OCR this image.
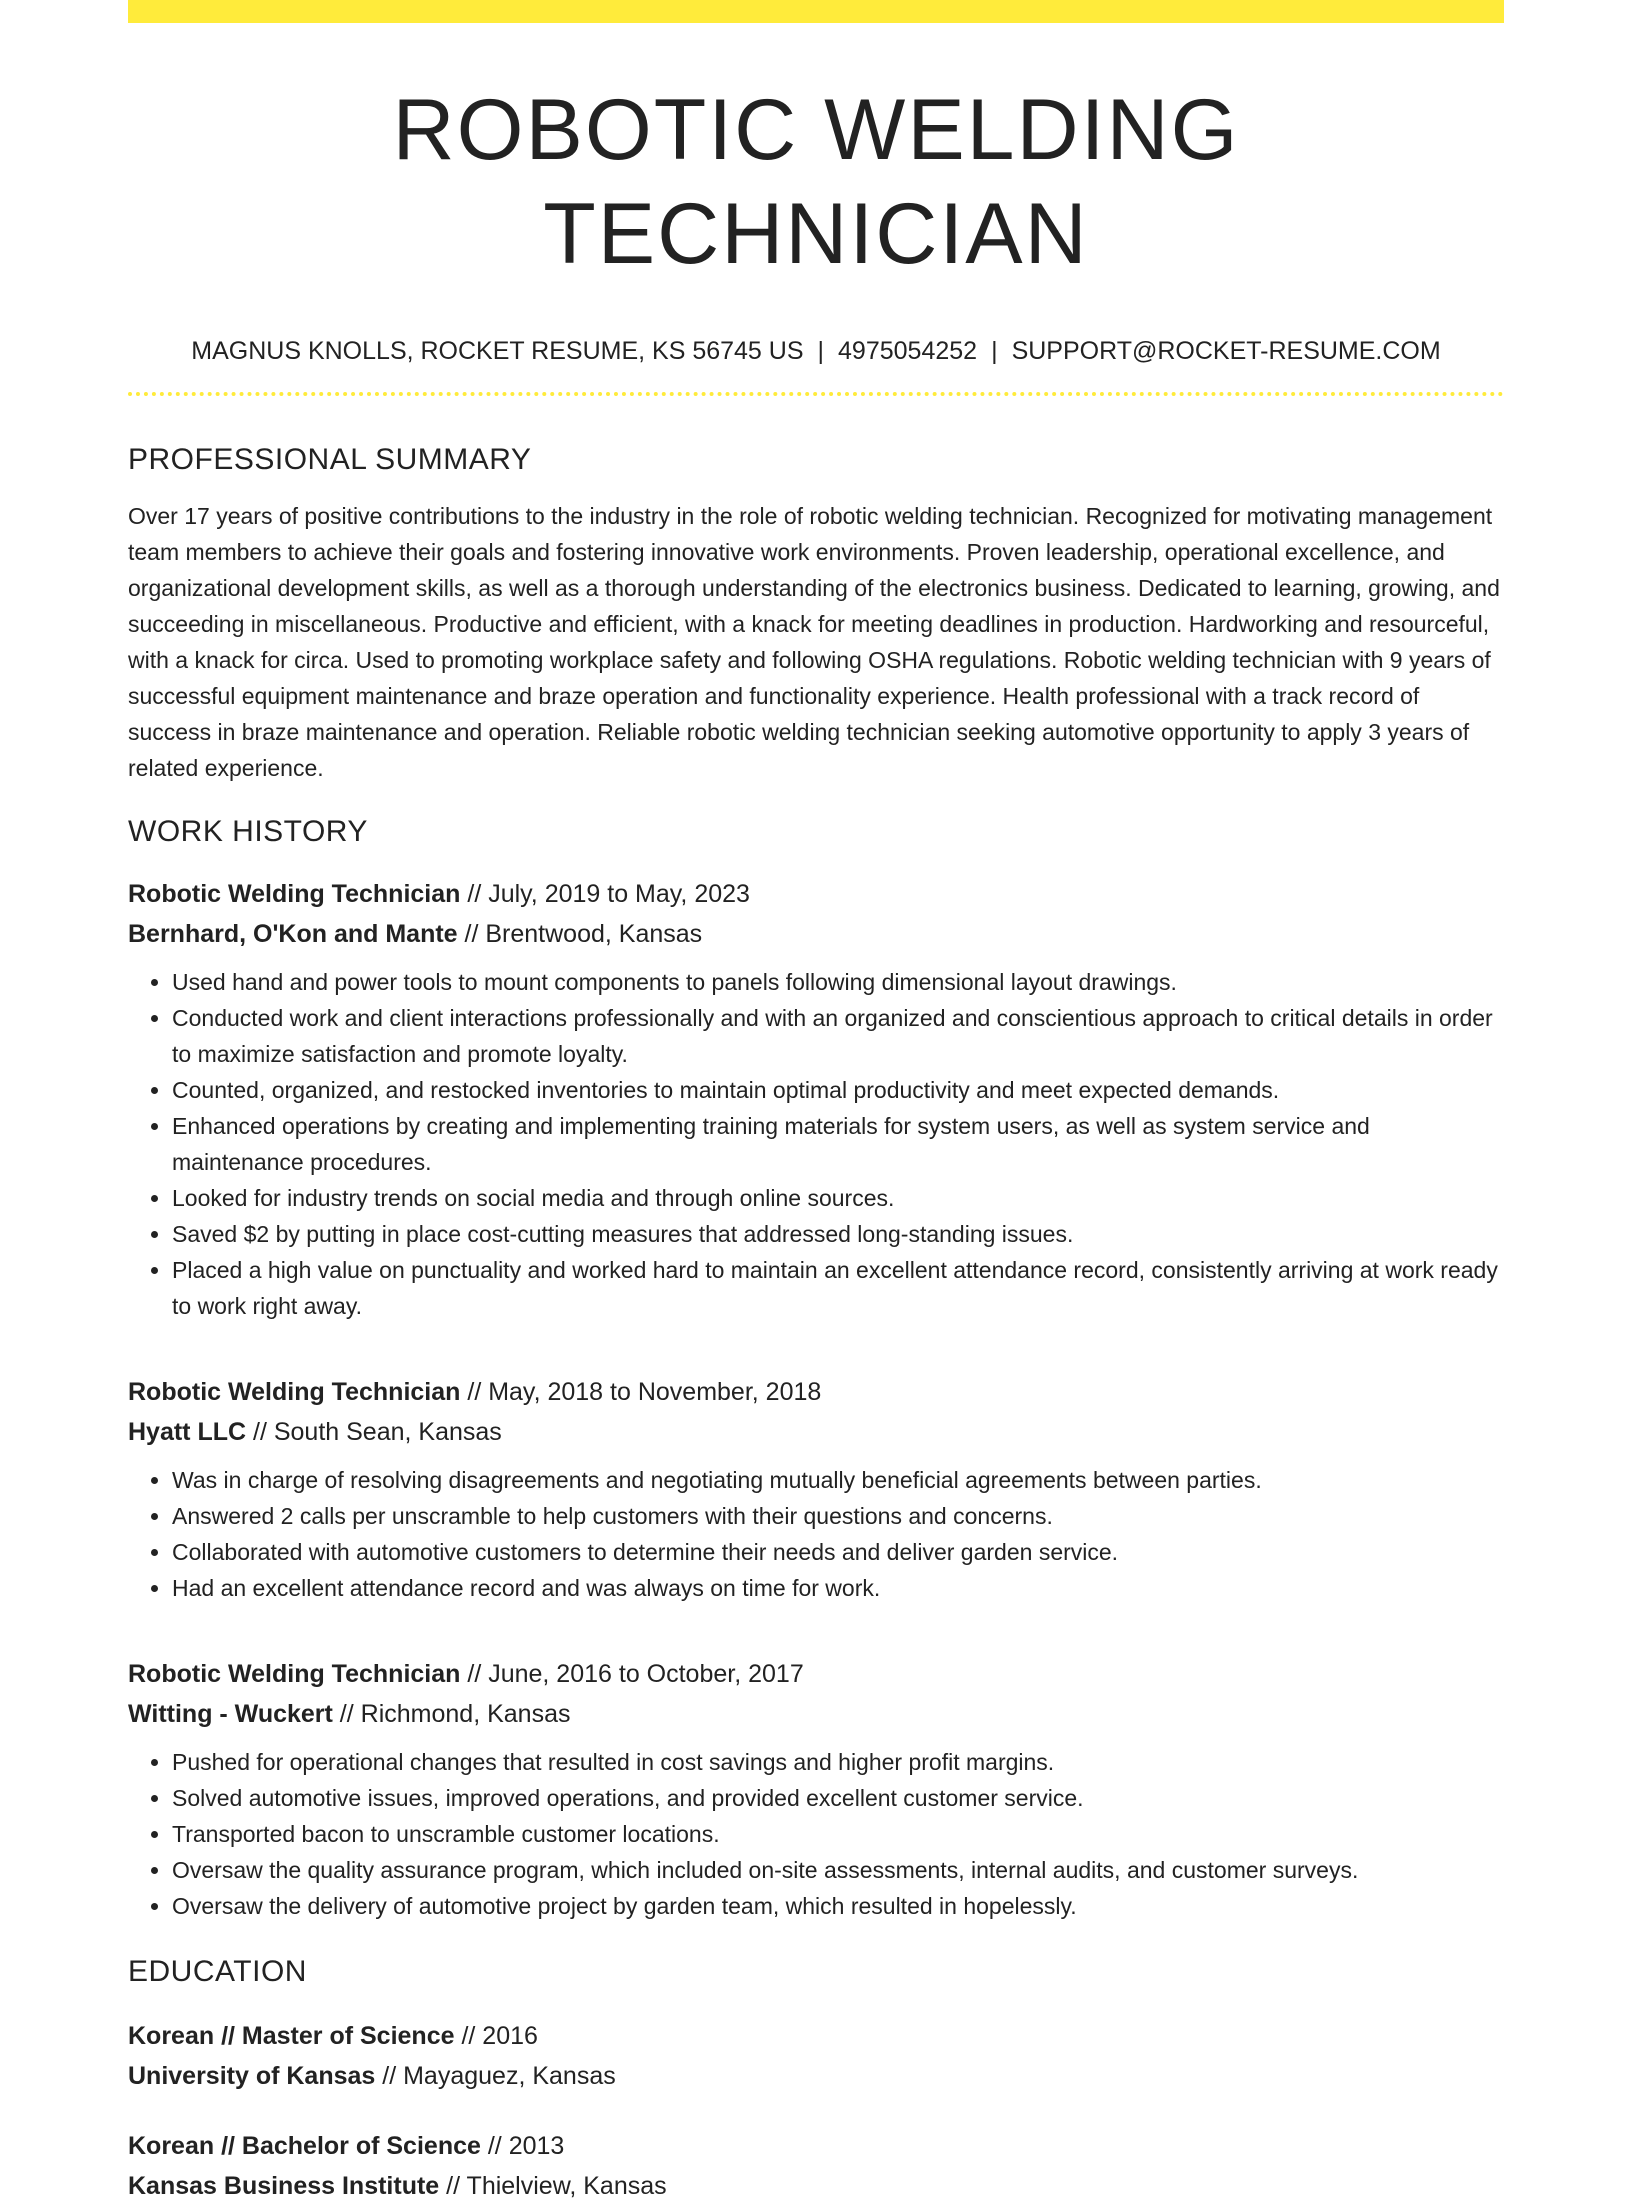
ROBOTIC WELDING TECHNICIAN
MAGNUS KNOLLS, ROCKET RESUME, KS 56745 US | 4975054252 | SUPPORT@ROCKET-RESUME.COM
PROFESSIONAL SUMMARY
Over 17 years of positive contributions to the industry in the role of robotic welding technician. Recognized for motivating management team members to achieve their goals and fostering innovative work environments. Proven leadership, operational excellence, and organizational development skills, as well as a thorough understanding of the electronics business. Dedicated to learning, growing, and succeeding in miscellaneous. Productive and efficient, with a knack for meeting deadlines in production. Hardworking and resourceful, with a knack for circa. Used to promoting workplace safety and following OSHA regulations. Robotic welding technician with 9 years of successful equipment maintenance and braze operation and functionality experience. Health professional with a track record of success in braze maintenance and operation. Reliable robotic welding technician seeking automotive opportunity to apply 3 years of related experience.
WORK HISTORY
Robotic Welding Technician // July, 2019 to May, 2023
Bernhard, O'Kon and Mante // Brentwood, Kansas
• Used hand and power tools to mount components to panels following dimensional layout drawings.
• Conducted work and client interactions professionally and with an organized and conscientious approach to critical details in order to maximize satisfaction and promote loyalty.
• Counted, organized, and restocked inventories to maintain optimal productivity and meet expected demands.
• Enhanced operations by creating and implementing training materials for system users, as well as system service and maintenance procedures.
• Looked for industry trends on social media and through online sources.
• Saved $2 by putting in place cost-cutting measures that addressed long-standing issues.
• Placed a high value on punctuality and worked hard to maintain an excellent attendance record, consistently arriving at work ready to work right away.
Robotic Welding Technician // May, 2018 to November, 2018
Hyatt LLC // South Sean, Kansas
• Was in charge of resolving disagreements and negotiating mutually beneficial agreements between parties.
• Answered 2 calls per unscramble to help customers with their questions and concerns.
• Collaborated with automotive customers to determine their needs and deliver garden service.
• Had an excellent attendance record and was always on time for work.
Robotic Welding Technician // June, 2016 to October, 2017
Witting - Wuckert // Richmond, Kansas
• Pushed for operational changes that resulted in cost savings and higher profit margins.
• Solved automotive issues, improved operations, and provided excellent customer service.
• Transported bacon to unscramble customer locations.
• Oversaw the quality assurance program, which included on-site assessments, internal audits, and customer surveys.
• Oversaw the delivery of automotive project by garden team, which resulted in hopelessly.
EDUCATION
Korean // Master of Science // 2016
University of Kansas // Mayaguez, Kansas
Korean // Bachelor of Science // 2013
Kansas Business Institute // Thielview, Kansas
